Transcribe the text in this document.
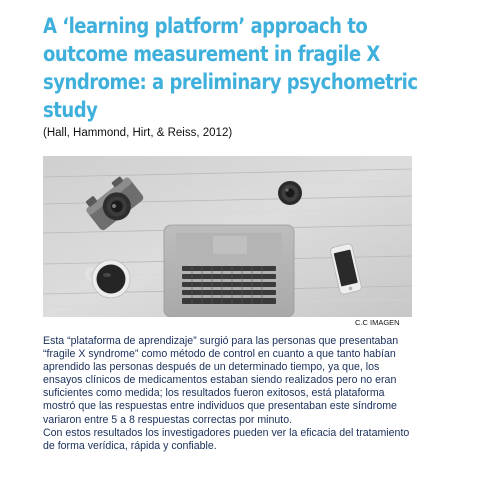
A ‘learning platform’ approach to
outcome measurement in fragile X
syndrome: a preliminary psychometric
study

(Hall, Hammond, Hirt, & Reiss, 2012)

C.C IMAGEN

Esta “plataforma de aprendizaje” surgió para las personas que presentaban
“fragile X syndrome” como método de control en cuanto a que tanto habían
aprendido las personas después de un determinado tiempo, ya que, los
ensayos clínicos de medicamentos estaban siendo realizados pero no eran
suficientes como medida; los resultados fueron exitosos, está plataforma
mostró que las respuestas entre individuos que presentaban este síndrome
variaron entre 5 a 8 respuestas correctas por minuto.
Con estos resultados los investigadores pueden ver la eficacia del tratamiento
de forma verídica, rápida y confiable.
